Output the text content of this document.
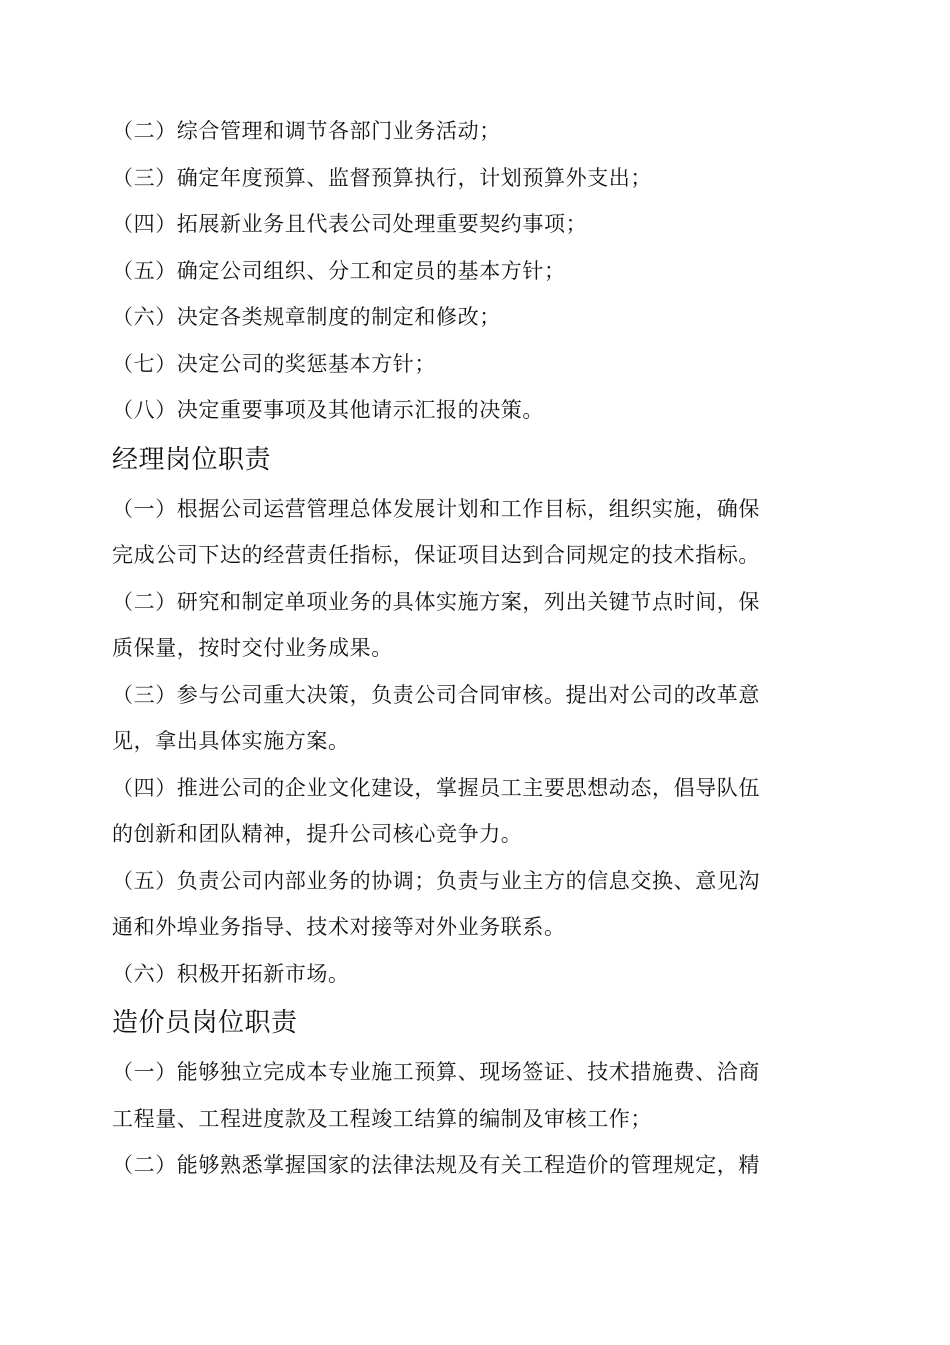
（二）综合管理和调节各部门业务活动；
（三）确定年度预算、监督预算执行，计划预算外支出；
（四）拓展新业务且代表公司处理重要契约事项；
（五）确定公司组织、分工和定员的基本方针；
（六）决定各类规章制度的制定和修改；
（七）决定公司的奖惩基本方针；
（八）决定重要事项及其他请示汇报的决策。
经理岗位职责
（一）根据公司运营管理总体发展计划和工作目标，组织实施，确保
完成公司下达的经营责任指标，保证项目达到合同规定的技术指标。
（二）研究和制定单项业务的具体实施方案，列出关键节点时间，保
质保量，按时交付业务成果。
（三）参与公司重大决策，负责公司合同审核。提出对公司的改革意
见，拿出具体实施方案。
（四）推进公司的企业文化建设，掌握员工主要思想动态，倡导队伍
的创新和团队精神，提升公司核心竞争力。
（五）负责公司内部业务的协调；负责与业主方的信息交换、意见沟
通和外埠业务指导、技术对接等对外业务联系。
（六）积极开拓新市场。
造价员岗位职责
（一）能够独立完成本专业施工预算、现场签证、技术措施费、洽商
工程量、工程进度款及工程竣工结算的编制及审核工作；
（二）能够熟悉掌握国家的法律法规及有关工程造价的管理规定，精
